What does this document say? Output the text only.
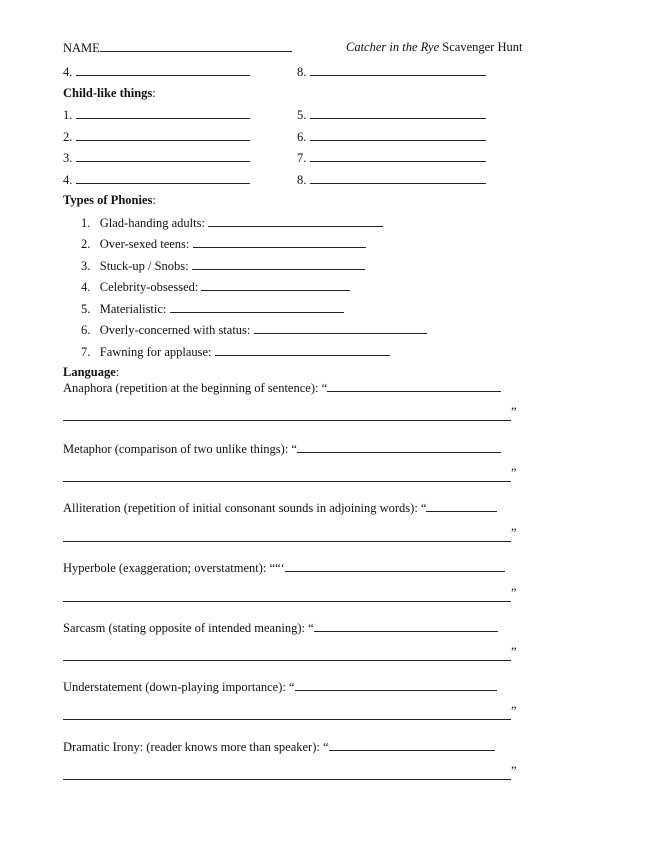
NAME	Catcher in the Rye Scavenger Hunt
4.	8.
Child-like things:
1.
2.
3.
4.
5.
6.
7.
8.
Types of Phonies:
1. Glad-handing adults:
2. Over-sexed teens:
3. Stuck-up / Snobs:
4. Celebrity-obsessed:
5. Materialistic:
6. Overly-concerned with status:
7. Fawning for applause:
Language:
Anaphora (repetition at the beginning of sentence): “
”
Metaphor (comparison of two unlike things): “
”
Alliteration (repetition of initial consonant sounds in adjoining words): “
”
Hyperbole (exaggeration; overstatment): ““‘
”
Sarcasm (stating opposite of intended meaning): “
”
Understatement (down-playing importance): “
”
Dramatic Irony: (reader knows more than speaker): “
”
